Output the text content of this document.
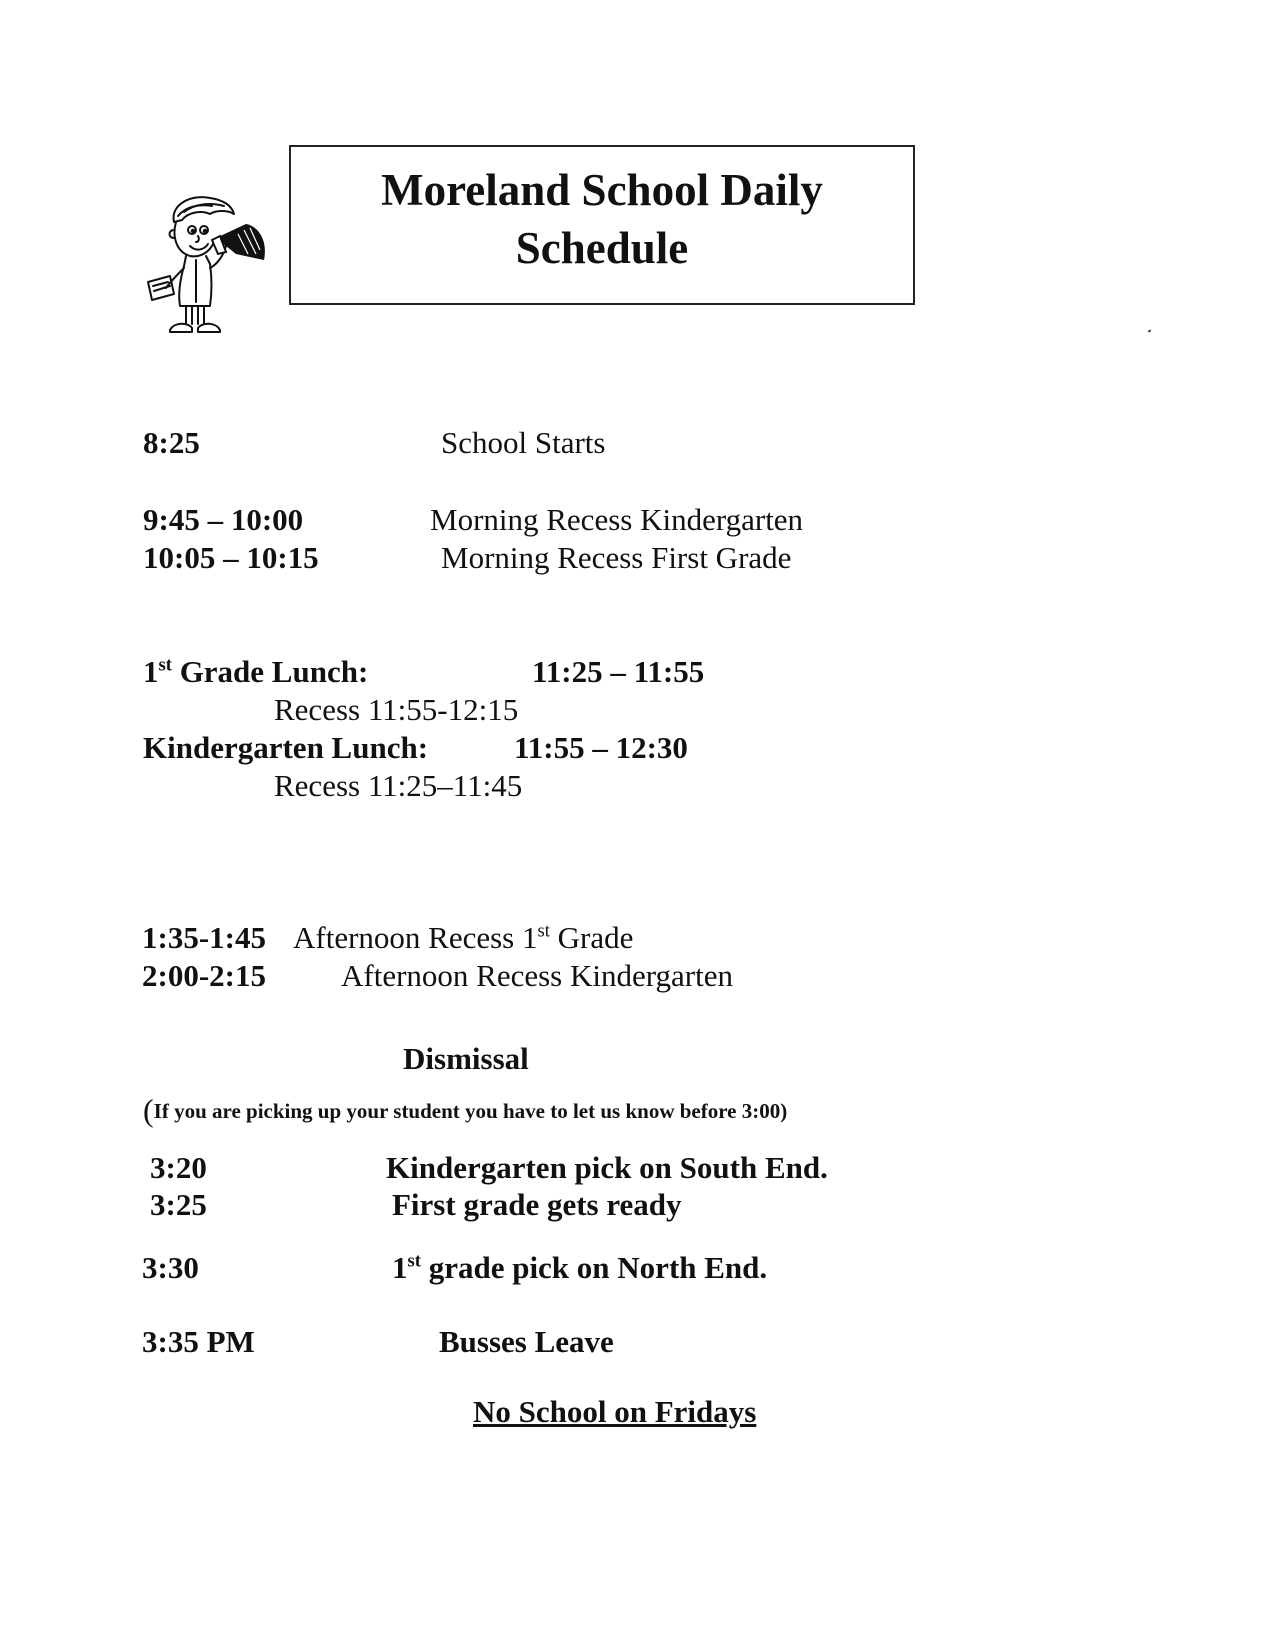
Moreland School Daily
Schedule
8:25	School Starts
9:45 – 10:00	Morning Recess Kindergarten
10:05 – 10:15	Morning Recess First Grade
1st Grade Lunch:	11:25 – 11:55
Recess 11:55-12:15
Kindergarten Lunch:	11:55 – 12:30
Recess 11:25–11:45
1:35-1:45 Afternoon Recess 1st Grade
2:00-2:15 Afternoon Recess Kindergarten
Dismissal
(If you are picking up your student you have to let us know before 3:00)
3:20	Kindergarten pick on South End.
3:25	First grade gets ready
3:30	1st grade pick on North End.
3:35 PM	Busses Leave
No School on Fridays
